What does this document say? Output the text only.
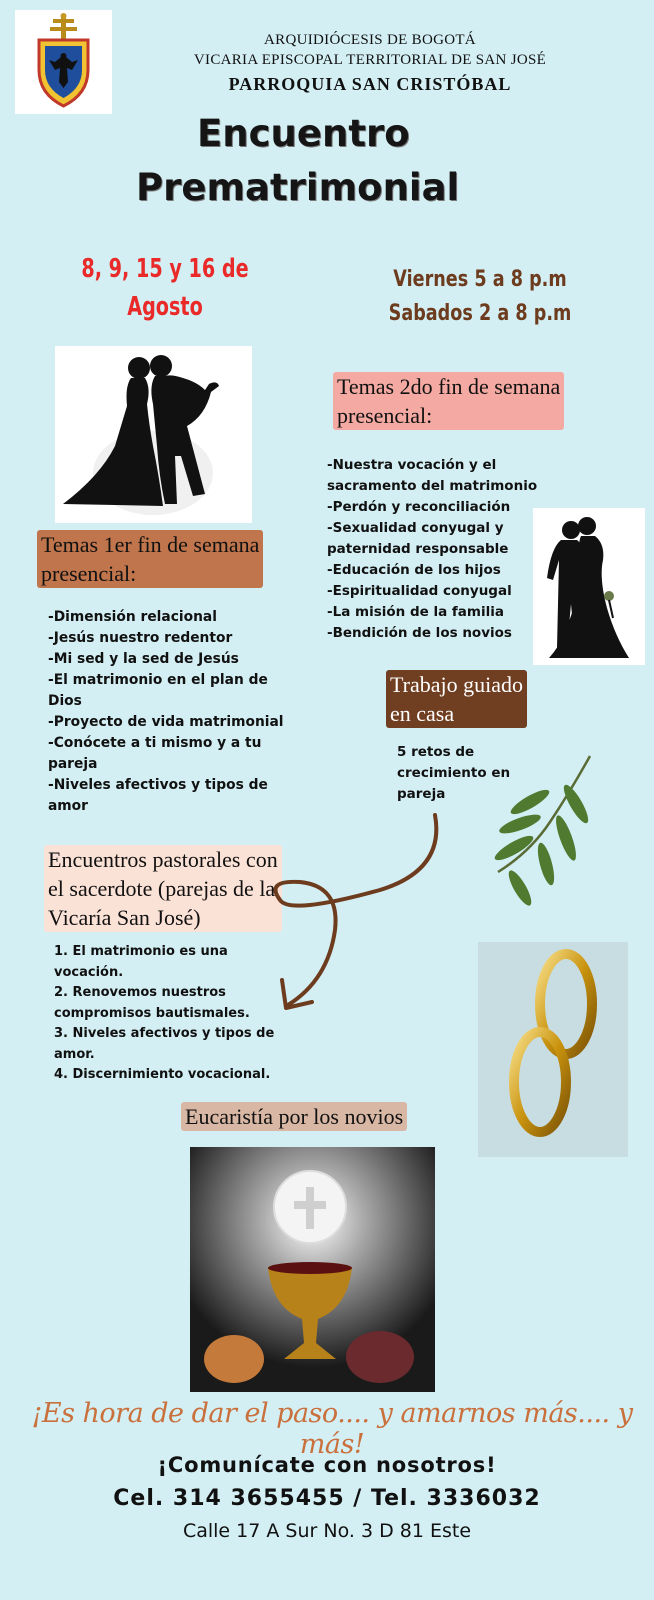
ARQUIDIÓCESIS DE BOGOTÁ
VICARIA EPISCOPAL TERRITORIAL DE SAN JOSÉ
PARROQUIA SAN CRISTÓBAL
Encuentro
Prematrimonial
8, 9, 15 y 16 de
Agosto
Viernes 5 a 8 p.m
Sabados 2 a 8 p.m
Temas 2do fin de semana
presencial:
-Nuestra vocación y el
sacramento del matrimonio
-Perdón y reconciliación
-Sexualidad conyugal y
paternidad responsable
-Educación de los hijos
-Espiritualidad conyugal
-La misión de la familia
-Bendición de los novios
Temas 1er fin de semana
presencial:
-Dimensión relacional
-Jesús nuestro redentor
-Mi sed y la sed de Jesús
-El matrimonio en el plan de
Dios
-Proyecto de vida matrimonial
-Conócete a ti mismo y a tu
pareja
-Niveles afectivos y tipos de
amor
Trabajo guiado
en casa
5 retos de
crecimiento en
pareja
Encuentros pastorales con
el sacerdote (parejas de la
Vicaría San José)
1. El matrimonio es una
vocación.
2. Renovemos nuestros
compromisos bautismales.
3. Niveles afectivos y tipos de
amor.
4. Discernimiento vocacional.
Eucaristía por los novios
¡Es hora de dar el paso.... y amarnos más.... y más!
¡Comunícate con nosotros!
Cel. 314 3655455 / Tel. 3336032
Calle 17 A Sur No. 3 D 81 Este
